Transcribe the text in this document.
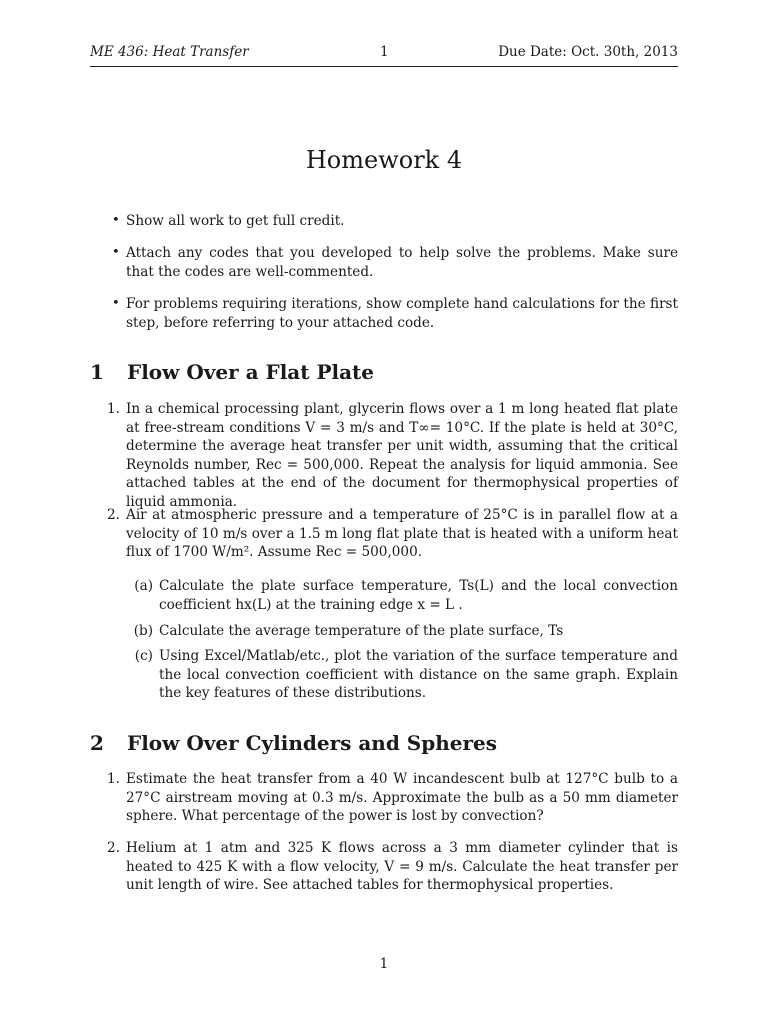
ME 436: Heat Transfer	1	Due Date: Oct. 30th, 2013
Homework 4
• Show all work to get full credit.
• Attach any codes that you developed to help solve the problems. Make sure that the codes are well-commented.
• For problems requiring iterations, show complete hand calculations for the first step, before referring to your attached code.
1 Flow Over a Flat Plate
1. In a chemical processing plant, glycerin flows over a 1 m long heated flat plate at free-stream conditions V = 3 m/s and T∞= 10°C. If the plate is held at 30°C, determine the average heat transfer per unit width, assuming that the critical Reynolds number, Rec = 500,000. Repeat the analysis for liquid ammonia. See attached tables at the end of the document for thermophysical properties of liquid ammonia.
2. Air at atmospheric pressure and a temperature of 25°C is in parallel flow at a velocity of 10 m/s over a 1.5 m long flat plate that is heated with a uniform heat flux of 1700 W/m². Assume Rec = 500,000.
(a) Calculate the plate surface temperature, Ts(L) and the local convection coefficient hx(L) at the training edge x = L .
(b) Calculate the average temperature of the plate surface, Ts
(c) Using Excel/Matlab/etc., plot the variation of the surface temperature and the local convection coefficient with distance on the same graph. Explain the key features of these distributions.
2 Flow Over Cylinders and Spheres
1. Estimate the heat transfer from a 40 W incandescent bulb at 127°C bulb to a 27°C airstream moving at 0.3 m/s. Approximate the bulb as a 50 mm diameter sphere. What percentage of the power is lost by convection?
2. Helium at 1 atm and 325 K flows across a 3 mm diameter cylinder that is heated to 425 K with a flow velocity, V = 9 m/s. Calculate the heat transfer per unit length of wire. See attached tables for thermophysical properties.
1
